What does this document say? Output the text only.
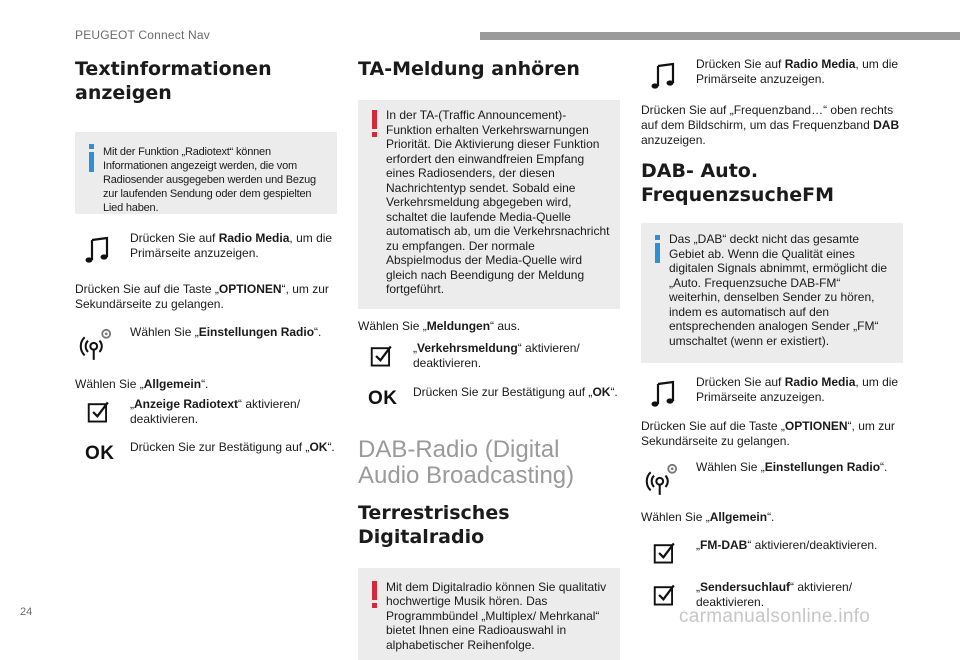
PEUGEOT Connect Nav
Textinformationen anzeigen
Mit der Funktion „Radiotext“ können Informationen angezeigt werden, die vom Radiosender ausgegeben werden und Bezug zur laufenden Sendung oder dem gespielten Lied haben.
Drücken Sie auf Radio Media, um die Primärseite anzuzeigen.

Drücken Sie auf die Taste „OPTIONEN“, um zur Sekundärseite zu gelangen.

Wählen Sie „Einstellungen Radio“.

Wählen Sie „Allgemein“.

„Anzeige Radiotext“ aktivieren/ deaktivieren.
OK Drücken Sie zur Bestätigung auf „OK“.
TA-Meldung anhören
In der TA-(Traffic Announcement)-Funktion erhalten Verkehrswarnungen Priorität. Die Aktivierung dieser Funktion erfordert den einwandfreien Empfang eines Radiosenders, der diesen Nachrichtentyp sendet. Sobald eine Verkehrsmeldung abgegeben wird, schaltet die laufende Media-Quelle automatisch ab, um die Verkehrsnachricht zu empfangen. Der normale Abspielmodus der Media-Quelle wird gleich nach Beendigung der Meldung fortgeführt.

Wählen Sie „Meldungen“ aus.

„Verkehrsmeldung“ aktivieren/ deaktivieren.
OK Drücken Sie zur Bestätigung auf „OK“.
DAB-Radio (Digital Audio Broadcasting)
Terrestrisches Digitalradio
Mit dem Digitalradio können Sie qualitativ hochwertige Musik hören. Das Programmbündel „Multiplex/ Mehrkanal“ bietet Ihnen eine Radioauswahl in alphabetischer Reihenfolge.
Drücken Sie auf Radio Media, um die Primärseite anzuzeigen.

Drücken Sie auf „Frequenzband…“ oben rechts auf dem Bildschirm, um das Frequenzband DAB anzuzeigen.

DAB- Auto. FrequenzsucheFM
Das „DAB“ deckt nicht das gesamte Gebiet ab. Wenn die Qualität eines digitalen Signals abnimmt, ermöglicht die „Auto. Frequenzsuche DAB-FM“ weiterhin, denselben Sender zu hören, indem es automatisch auf den entsprechenden analogen Sender „FM“ umschaltet (wenn er existiert).
Drücken Sie auf Radio Media, um die Primärseite anzuzeigen.

Drücken Sie auf die Taste „OPTIONEN“, um zur Sekundärseite zu gelangen.

Wählen Sie „Einstellungen Radio“.

Wählen Sie „Allgemein“.

„FM-DAB“ aktivieren/deaktivieren.
„Sendersuchlauf“ aktivieren/ deaktivieren.
24	carmanualsonline.info
